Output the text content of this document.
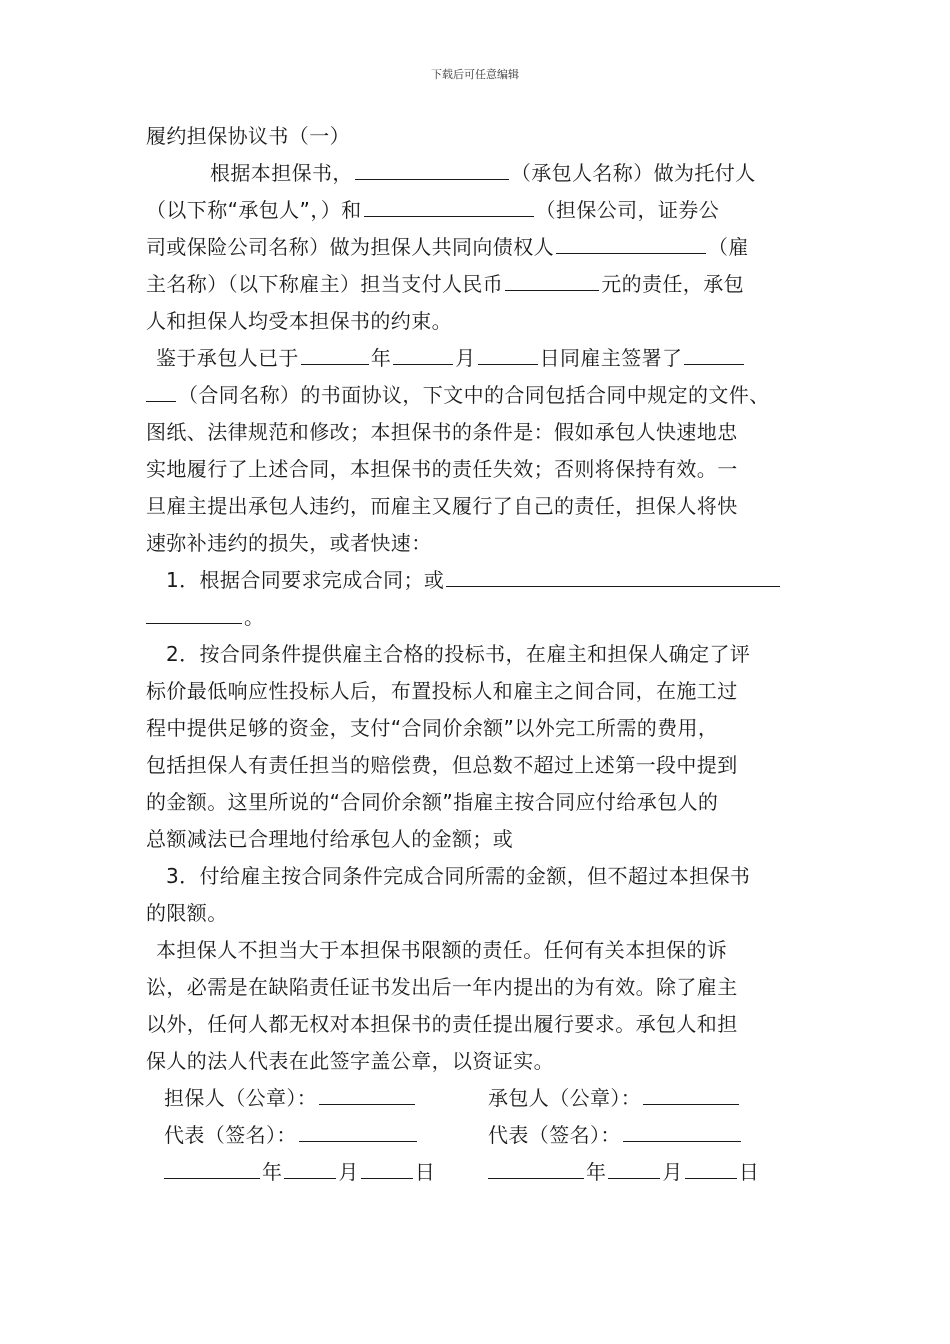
下载后可任意编辑
履约担保协议书（一）
根据本担保书，	（承包人名称）做为托付人
（以下称“承包人”，）和	（担保公司，证券公
司或保险公司名称）做为担保人共同向债权人	（雇
主名称）（以下称雇主）担当支付人民币	元的责任，承包
人和担保人均受本担保书的约束。
鉴于承包人已于	年	月	日同雇主签署了
（合同名称）的书面协议，下文中的合同包括合同中规定的文件、
图纸、法律规范和修改；本担保书的条件是：假如承包人快速地忠
实地履行了上述合同，本担保书的责任失效；否则将保持有效。一
旦雇主提出承包人违约，而雇主又履行了自己的责任，担保人将快
速弥补违约的损失，或者快速：
1．根据合同要求完成合同；或
。
2．按合同条件提供雇主合格的投标书，在雇主和担保人确定了评
标价最低响应性投标人后，布置投标人和雇主之间合同，在施工过
程中提供足够的资金，支付“合同价余额”以外完工所需的费用，
包括担保人有责任担当的赔偿费，但总数不超过上述第一段中提到
的金额。这里所说的“合同价余额”指雇主按合同应付给承包人的
总额减法已合理地付给承包人的金额；或
3．付给雇主按合同条件完成合同所需的金额，但不超过本担保书
的限额。
本担保人不担当大于本担保书限额的责任。任何有关本担保的诉
讼，必需是在缺陷责任证书发出后一年内提出的为有效。除了雇主
以外，任何人都无权对本担保书的责任提出履行要求。承包人和担
保人的法人代表在此签字盖公章，以资证实。
担保人（公章）：	承包人（公章）：
代表（签名）：	代表（签名）：
年	月	日	年	月	日
